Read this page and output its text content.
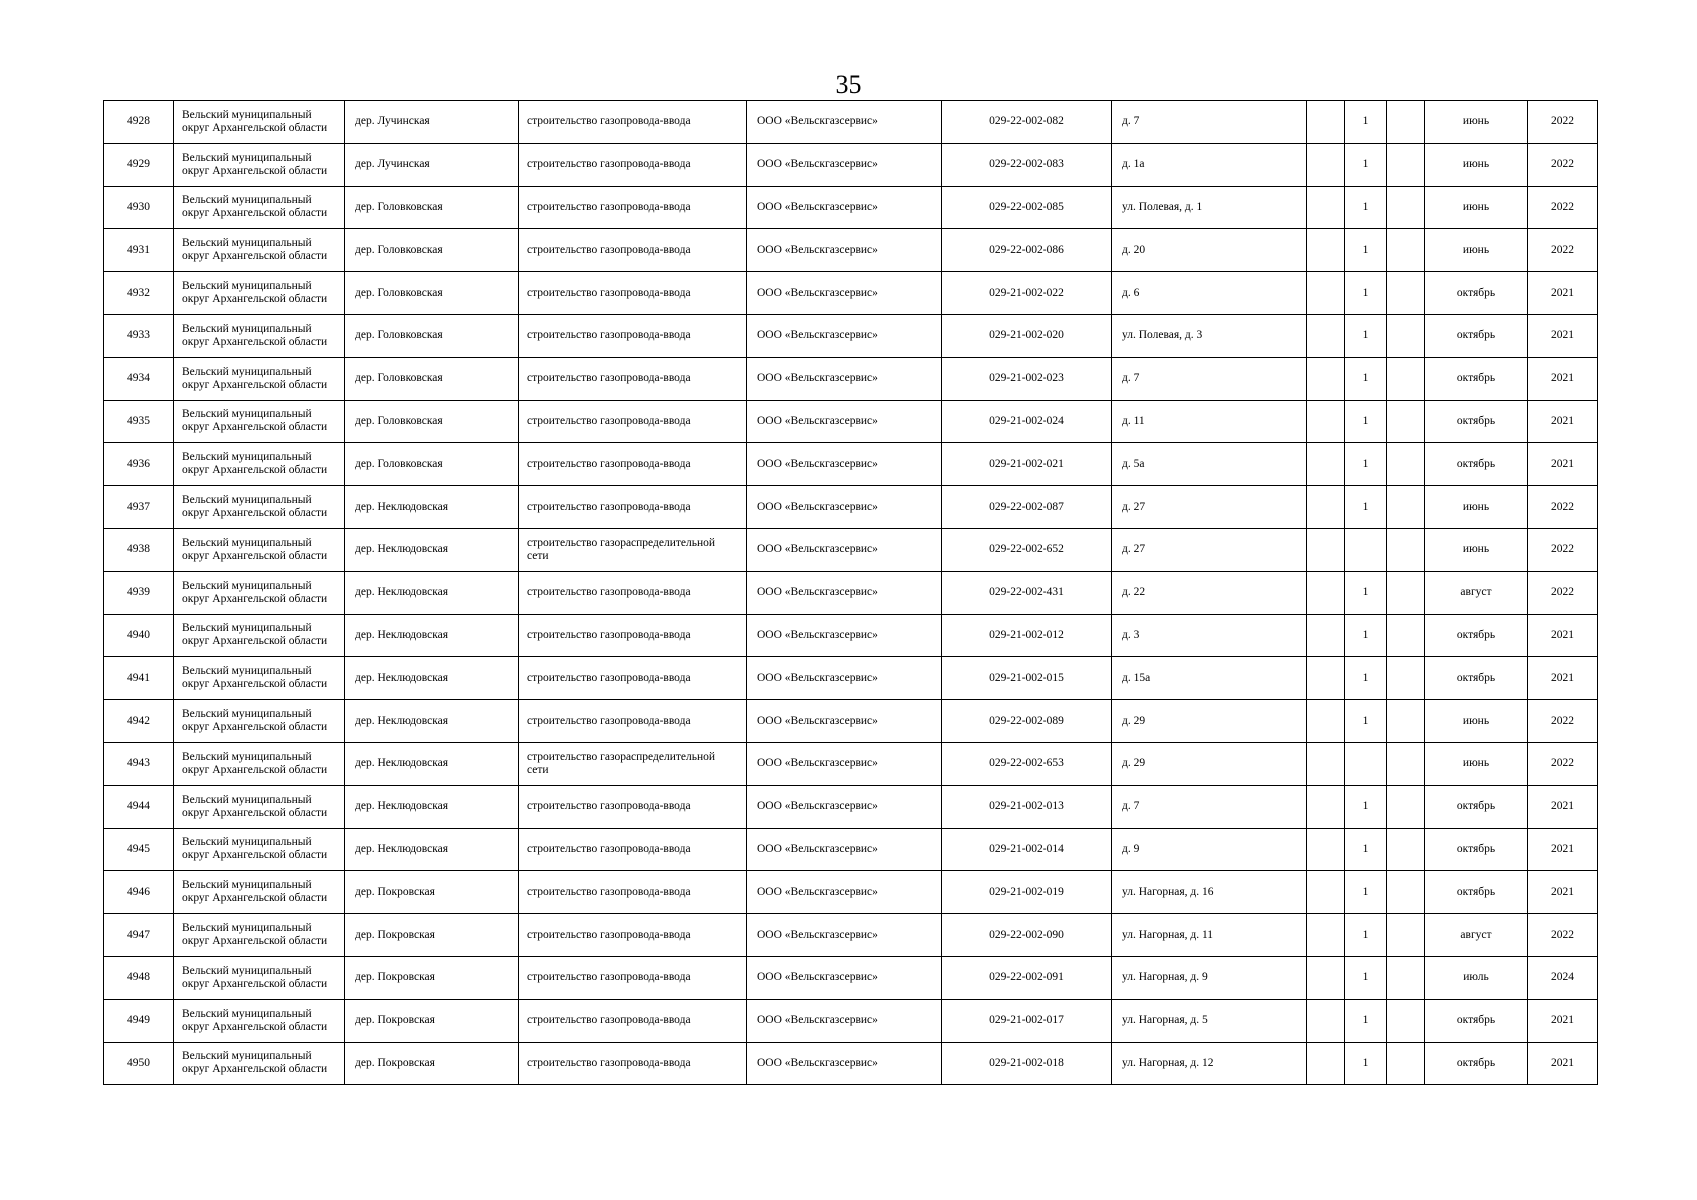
35
4928	Вельский муниципальный округ Архангельской области	дер. Лучинская	строительство газопровода-ввода	ООО «Вельскгазсервис»	029-22-002-082	д. 7		1		июнь	2022
4929	Вельский муниципальный округ Архангельской области	дер. Лучинская	строительство газопровода-ввода	ООО «Вельскгазсервис»	029-22-002-083	д. 1а		1		июнь	2022
4930	Вельский муниципальный округ Архангельской области	дер. Головковская	строительство газопровода-ввода	ООО «Вельскгазсервис»	029-22-002-085	ул. Полевая, д. 1		1		июнь	2022
4931	Вельский муниципальный округ Архангельской области	дер. Головковская	строительство газопровода-ввода	ООО «Вельскгазсервис»	029-22-002-086	д. 20		1		июнь	2022
4932	Вельский муниципальный округ Архангельской области	дер. Головковская	строительство газопровода-ввода	ООО «Вельскгазсервис»	029-21-002-022	д. 6		1		октябрь	2021
4933	Вельский муниципальный округ Архангельской области	дер. Головковская	строительство газопровода-ввода	ООО «Вельскгазсервис»	029-21-002-020	ул. Полевая, д. 3		1		октябрь	2021
4934	Вельский муниципальный округ Архангельской области	дер. Головковская	строительство газопровода-ввода	ООО «Вельскгазсервис»	029-21-002-023	д. 7		1		октябрь	2021
4935	Вельский муниципальный округ Архангельской области	дер. Головковская	строительство газопровода-ввода	ООО «Вельскгазсервис»	029-21-002-024	д. 11		1		октябрь	2021
4936	Вельский муниципальный округ Архангельской области	дер. Головковская	строительство газопровода-ввода	ООО «Вельскгазсервис»	029-21-002-021	д. 5а		1		октябрь	2021
4937	Вельский муниципальный округ Архангельской области	дер. Неклюдовская	строительство газопровода-ввода	ООО «Вельскгазсервис»	029-22-002-087	д. 27		1		июнь	2022
4938	Вельский муниципальный округ Архангельской области	дер. Неклюдовская	строительство газораспределительной сети	ООО «Вельскгазсервис»	029-22-002-652	д. 27				июнь	2022
4939	Вельский муниципальный округ Архангельской области	дер. Неклюдовская	строительство газопровода-ввода	ООО «Вельскгазсервис»	029-22-002-431	д. 22		1		август	2022
4940	Вельский муниципальный округ Архангельской области	дер. Неклюдовская	строительство газопровода-ввода	ООО «Вельскгазсервис»	029-21-002-012	д. 3		1		октябрь	2021
4941	Вельский муниципальный округ Архангельской области	дер. Неклюдовская	строительство газопровода-ввода	ООО «Вельскгазсервис»	029-21-002-015	д. 15а		1		октябрь	2021
4942	Вельский муниципальный округ Архангельской области	дер. Неклюдовская	строительство газопровода-ввода	ООО «Вельскгазсервис»	029-22-002-089	д. 29		1		июнь	2022
4943	Вельский муниципальный округ Архангельской области	дер. Неклюдовская	строительство газораспределительной сети	ООО «Вельскгазсервис»	029-22-002-653	д. 29				июнь	2022
4944	Вельский муниципальный округ Архангельской области	дер. Неклюдовская	строительство газопровода-ввода	ООО «Вельскгазсервис»	029-21-002-013	д. 7		1		октябрь	2021
4945	Вельский муниципальный округ Архангельской области	дер. Неклюдовская	строительство газопровода-ввода	ООО «Вельскгазсервис»	029-21-002-014	д. 9		1		октябрь	2021
4946	Вельский муниципальный округ Архангельской области	дер. Покровская	строительство газопровода-ввода	ООО «Вельскгазсервис»	029-21-002-019	ул. Нагорная, д. 16		1		октябрь	2021
4947	Вельский муниципальный округ Архангельской области	дер. Покровская	строительство газопровода-ввода	ООО «Вельскгазсервис»	029-22-002-090	ул. Нагорная, д. 11		1		август	2022
4948	Вельский муниципальный округ Архангельской области	дер. Покровская	строительство газопровода-ввода	ООО «Вельскгазсервис»	029-22-002-091	ул. Нагорная, д. 9		1		июль	2024
4949	Вельский муниципальный округ Архангельской области	дер. Покровская	строительство газопровода-ввода	ООО «Вельскгазсервис»	029-21-002-017	ул. Нагорная, д. 5		1		октябрь	2021
4950	Вельский муниципальный округ Архангельской области	дер. Покровская	строительство газопровода-ввода	ООО «Вельскгазсервис»	029-21-002-018	ул. Нагорная, д. 12		1		октябрь	2021
